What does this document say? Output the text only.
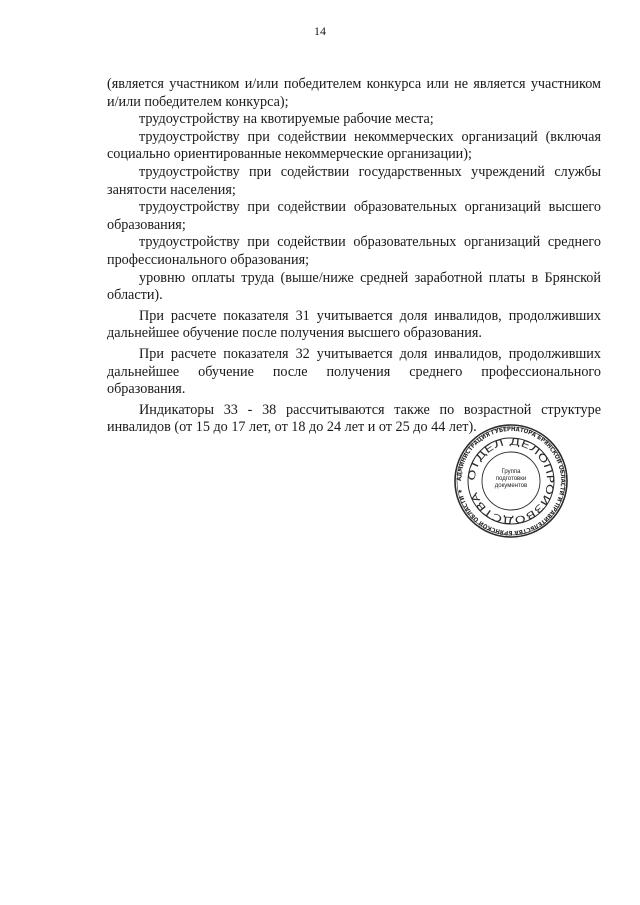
14

(является участником и/или победителем конкурса или не является участником и/или победителем конкурса);

трудоустройству на квотируемые рабочие места;

трудоустройству при содействии некоммерческих организаций (включая социально ориентированные некоммерческие организации);

трудоустройству при содействии государственных учреждений службы занятости населения;

трудоустройству при содействии образовательных организаций высшего образования;

трудоустройству при содействии образовательных организаций среднего профессионального образования;

уровню оплаты труда (выше/ниже средней заработной платы в Брянской области).

При расчете показателя 31 учитывается доля инвалидов, продолживших дальнейшее обучение после получения высшего образования.

При расчете показателя 32 учитывается доля инвалидов, продолживших дальнейшее обучение после получения среднего профессионального образования.

Индикаторы 33 - 38 рассчитываются также по возрастной структуре инвалидов (от 15 до 17 лет, от 18 до 24 лет и от 25 до 44 лет).

АДМИНИСТРАЦИЯ ГУБЕРНАТОРА БРЯНСКОЙ ОБЛАСТИ И ПРАВИТЕЛЬСТВА БРЯНСКОЙ ОБЛАСТИ ★
ОТДЕЛ ДЕЛОПРОИЗВОДСТВА
Группа
подготовки
документов
